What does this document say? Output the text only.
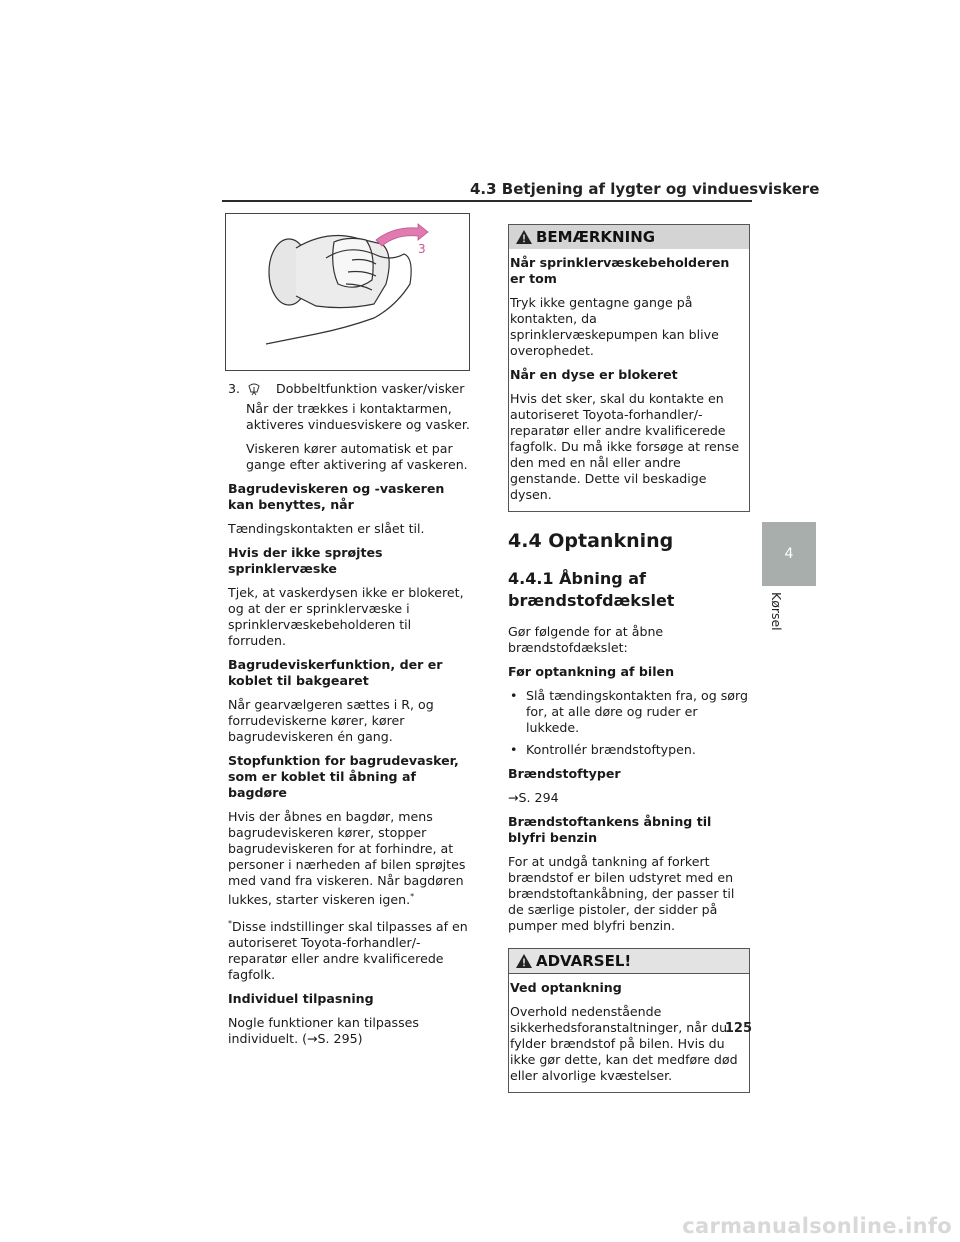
4.3 Betjening af lygter og vinduesviskere
3
3.	Dobbeltfunktion vasker/visker

Når der trækkes i kontaktarmen, aktiveres vinduesviskere og vasker.

Viskeren kører automatisk et par gange efter aktivering af vaskeren.

Bagrudeviskeren og -vaskeren kan benyttes, når

Tændingskontakten er slået til.

Hvis der ikke sprøjtes sprinklervæske

Tjek, at vaskerdysen ikke er blokeret, og at der er sprinklervæske i sprinklervæskebeholderen til forruden.

Bagrudeviskerfunktion, der er koblet til bakgearet

Når gearvælgeren sættes i R, og forrudeviskerne kører, kører bagrudeviskeren én gang.

Stopfunktion for bagrudevasker, som er koblet til åbning af bagdøre

Hvis der åbnes en bagdør, mens bagrudeviskeren kører, stopper bagrudeviskeren for at forhindre, at personer i nærheden af bilen sprøjtes med vand fra viskeren. Når bagdøren lukkes, starter viskeren igen.*

*Disse indstillinger skal tilpasses af en autoriseret Toyota-forhandler/-reparatør eller andre kvalificerede fagfolk.

Individuel tilpasning

Nogle funktioner kan tilpasses individuelt. (→S. 295)

BEMÆRKNING

Når sprinklervæskebeholderen er tom

Tryk ikke gentagne gange på kontakten, da sprinklervæskepumpen kan blive overophedet.

Når en dyse er blokeret

Hvis det sker, skal du kontakte en autoriseret Toyota-forhandler/-reparatør eller andre kvalificerede fagfolk. Du må ikke forsøge at rense den med en nål eller andre genstande. Dette vil beskadige dysen.

4.4 Optankning
4.4.1 Åbning af brændstofdækslet

Gør følgende for at åbne brændstofdækslet:

Før optankning af bilen

• Slå tændingskontakten fra, og sørg for, at alle døre og ruder er lukkede.
• Kontrollér brændstoftypen.

Brændstoftyper

→S. 294

Brændstoftankens åbning til blyfri benzin

For at undgå tankning af forkert brændstof er bilen udstyret med en brændstoftankåbning, der passer til de særlige pistoler, der sidder på pumper med blyfri benzin.

ADVARSEL!

Ved optankning

Overhold nedenstående sikkerhedsforanstaltninger, når du fylder brændstof på bilen. Hvis du ikke gør dette, kan det medføre død eller alvorlige kvæstelser.

4
Kørsel
125
carmanualsonline.info
